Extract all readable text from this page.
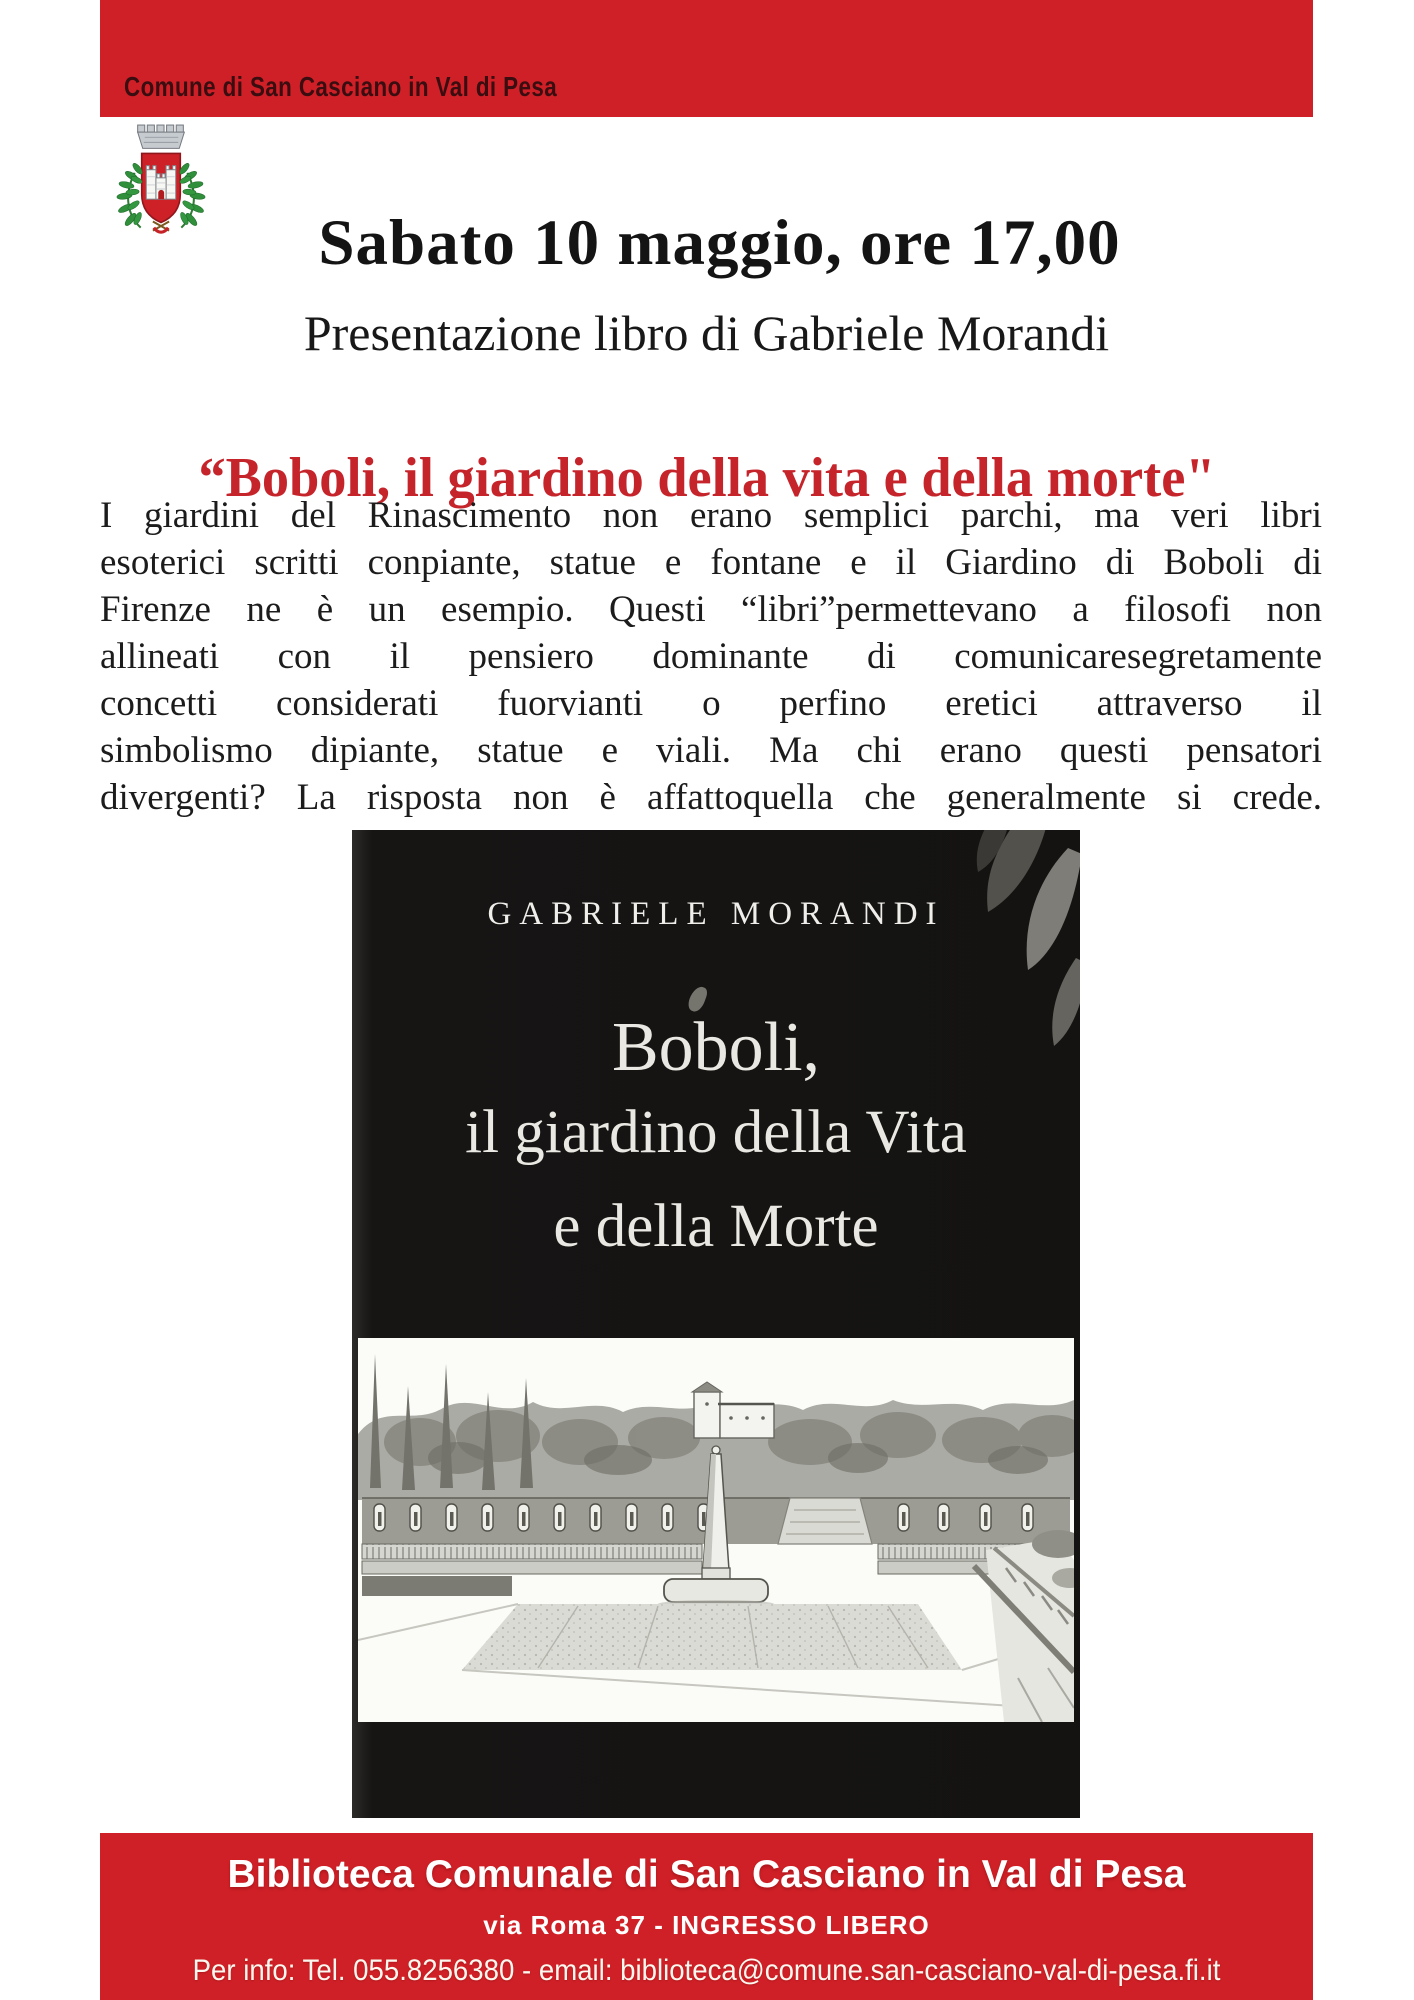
Comune di San Casciano in Val di Pesa
Sabato 10 maggio, ore 17,00
Presentazione libro di Gabriele Morandi
“Boboli, il giardino della vita e della morte"
I giardini del Rinascimento non erano semplici parchi, ma veri libri
esoterici scritti conpiante, statue e fontane e il Giardino di Boboli di
Firenze ne è un esempio. Questi “libri”permettevano a filosofi non
allineati con il pensiero dominante di comunicaresegretamente
concetti considerati fuorvianti o perfino eretici attraverso il
simbolismo dipiante, statue e viali. Ma chi erano questi pensatori
divergenti? La risposta non è affattoquella che generalmente si crede.
GABRIELE MORANDI
Boboli,
il giardino della Vita
e della Morte
Biblioteca Comunale di San Casciano in Val di Pesa
via Roma 37 - INGRESSO LIBERO
Per info: Tel. 055.8256380 - email: biblioteca@comune.san-casciano-val-di-pesa.fi.it
